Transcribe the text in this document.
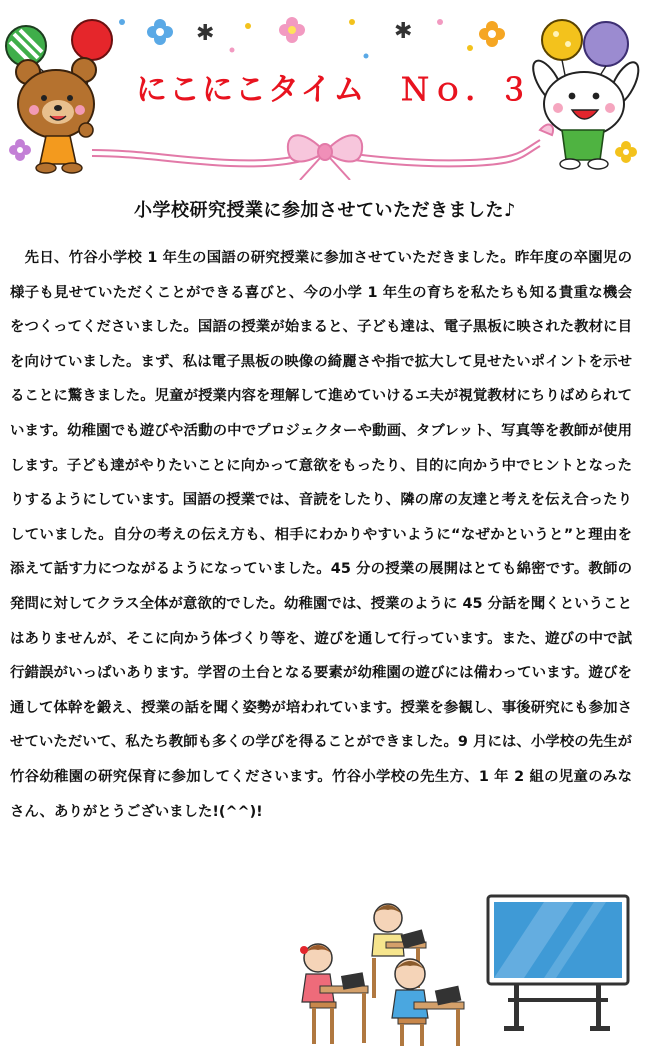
✱	✱
にこにこタイム　Ｎｏ．３
小学校研究授業に参加させていただきました♪

　先日、竹谷小学校 1 年生の国語の研究授業に参加させていただきました。昨年度の卒園児の様子も見せていただくことができる喜びと、今の小学 1 年生の育ちを私たちも知る貴重な機会をつくってくださいました。国語の授業が始まると、子ども達は、電子黒板に映された教材に目を向けていました。まず、私は電子黒板の映像の綺麗さや指で拡大して見せたいポイントを示せることに驚きました。児童が授業内容を理解して進めていけるエ夫が視覚教材にちりばめられています。幼稚園でも遊びや活動の中でプロジェクターや動画、タブレット、写真等を教師が使用します。子ども達がやりたいことに向かって意欲をもったり、目的に向かう中でヒントとなったりするようにしています。国語の授業では、音読をしたり、隣の席の友達と考えを伝え合ったりしていました。自分の考えの伝え方も、相手にわかりやすいように“なぜかというと”と理由を添えて話す力につながるようになっていました。45 分の授業の展開はとても綿密です。教師の発問に対してクラス全体が意欲的でした。幼稚園では、授業のように 45 分話を聞くということはありませんが、そこに向かう体づくり等を、遊びを通して行っています。また、遊びの中で試行錯誤がいっぱいあります。学習の土台となる要素が幼稚園の遊びには備わっています。遊びを通して体幹を鍛え、授業の話を聞く姿勢が培われています。授業を参観し、事後研究にも参加させていただいて、私たち教師も多くの学びを得ることができました。9 月には、小学校の先生が竹谷幼稚園の研究保育に参加してくださいます。竹谷小学校の先生方、1 年 2 組の児童のみなさん、ありがとうございました!(^^)!
